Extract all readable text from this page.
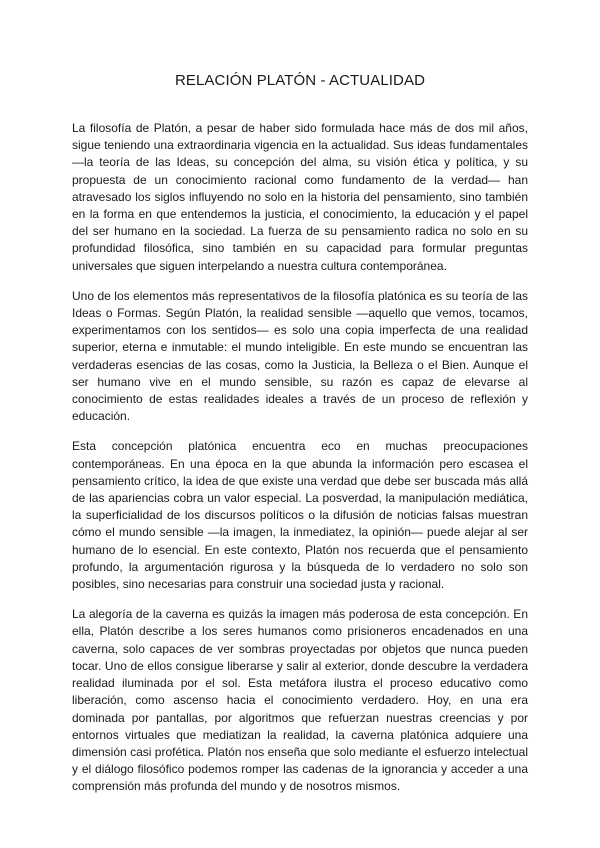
RELACIÓN PLATÓN - ACTUALIDAD

La filosofía de Platón, a pesar de haber sido formulada hace más de dos mil años, sigue teniendo una extraordinaria vigencia en la actualidad. Sus ideas fundamentales —la teoría de las Ideas, su concepción del alma, su visión ética y política, y su propuesta de un conocimiento racional como fundamento de la verdad— han atravesado los siglos influyendo no solo en la historia del pensamiento, sino también en la forma en que entendemos la justicia, el conocimiento, la educación y el papel del ser humano en la sociedad. La fuerza de su pensamiento radica no solo en su profundidad filosófica, sino también en su capacidad para formular preguntas universales que siguen interpelando a nuestra cultura contemporánea.

Uno de los elementos más representativos de la filosofía platónica es su teoría de las Ideas o Formas. Según Platón, la realidad sensible —aquello que vemos, tocamos, experimentamos con los sentidos— es solo una copia imperfecta de una realidad superior, eterna e inmutable: el mundo inteligible. En este mundo se encuentran las verdaderas esencias de las cosas, como la Justicia, la Belleza o el Bien. Aunque el ser humano vive en el mundo sensible, su razón es capaz de elevarse al conocimiento de estas realidades ideales a través de un proceso de reflexión y educación.

Esta concepción platónica encuentra eco en muchas preocupaciones contemporáneas. En una época en la que abunda la información pero escasea el pensamiento crítico, la idea de que existe una verdad que debe ser buscada más allá de las apariencias cobra un valor especial. La posverdad, la manipulación mediática, la superficialidad de los discursos políticos o la difusión de noticias falsas muestran cómo el mundo sensible —la imagen, la inmediatez, la opinión— puede alejar al ser humano de lo esencial. En este contexto, Platón nos recuerda que el pensamiento profundo, la argumentación rigurosa y la búsqueda de lo verdadero no solo son posibles, sino necesarias para construir una sociedad justa y racional.

La alegoría de la caverna es quizás la imagen más poderosa de esta concepción. En ella, Platón describe a los seres humanos como prisioneros encadenados en una caverna, solo capaces de ver sombras proyectadas por objetos que nunca pueden tocar. Uno de ellos consigue liberarse y salir al exterior, donde descubre la verdadera realidad iluminada por el sol. Esta metáfora ilustra el proceso educativo como liberación, como ascenso hacia el conocimiento verdadero. Hoy, en una era dominada por pantallas, por algoritmos que refuerzan nuestras creencias y por entornos virtuales que mediatizan la realidad, la caverna platónica adquiere una dimensión casi profética. Platón nos enseña que solo mediante el esfuerzo intelectual y el diálogo filosófico podemos romper las cadenas de la ignorancia y acceder a una comprensión más profunda del mundo y de nosotros mismos.
